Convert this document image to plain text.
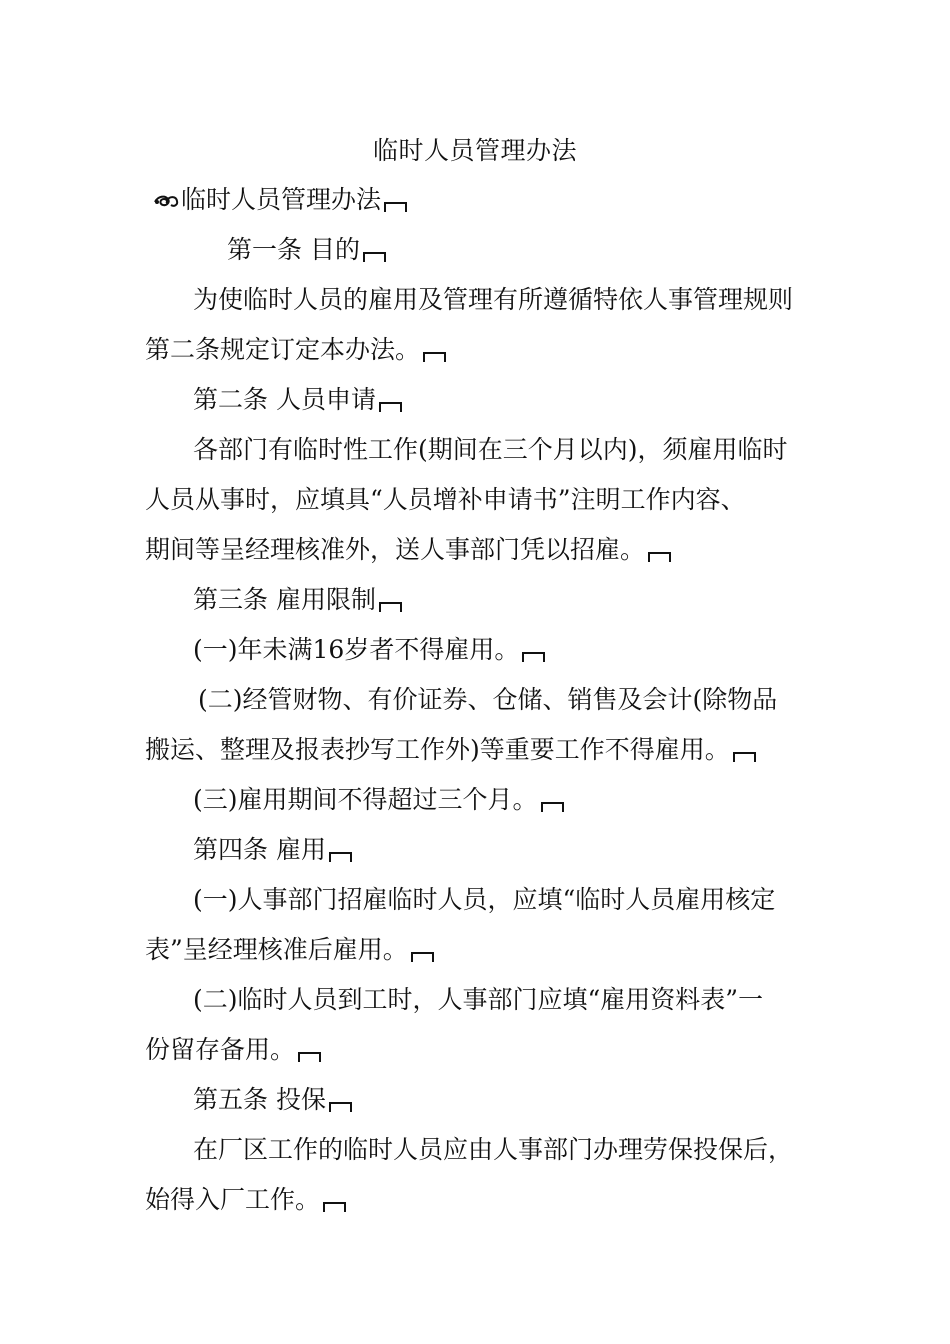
临时人员管理办法
临时人员管理办法
第一条 目的
为使临时人员的雇用及管理有所遵循特依人事管理规则
第二条规定订定本办法。
第二条 人员申请
各部门有临时性工作(期间在三个月以内)，须雇用临时
人员从事时，应填具“人员增补申请书”注明工作内容、
期间等呈经理核准外，送人事部门凭以招雇。
第三条 雇用限制
(一)年未满16岁者不得雇用。
(二)经管财物、有价证券、仓储、销售及会计(除物品
搬运、整理及报表抄写工作外)等重要工作不得雇用。
(三)雇用期间不得超过三个月。
第四条 雇用
(一)人事部门招雇临时人员，应填“临时人员雇用核定
表”呈经理核准后雇用。
(二)临时人员到工时，人事部门应填“雇用资料表”一
份留存备用。
第五条 投保
在厂区工作的临时人员应由人事部门办理劳保投保后，
始得入厂工作。
